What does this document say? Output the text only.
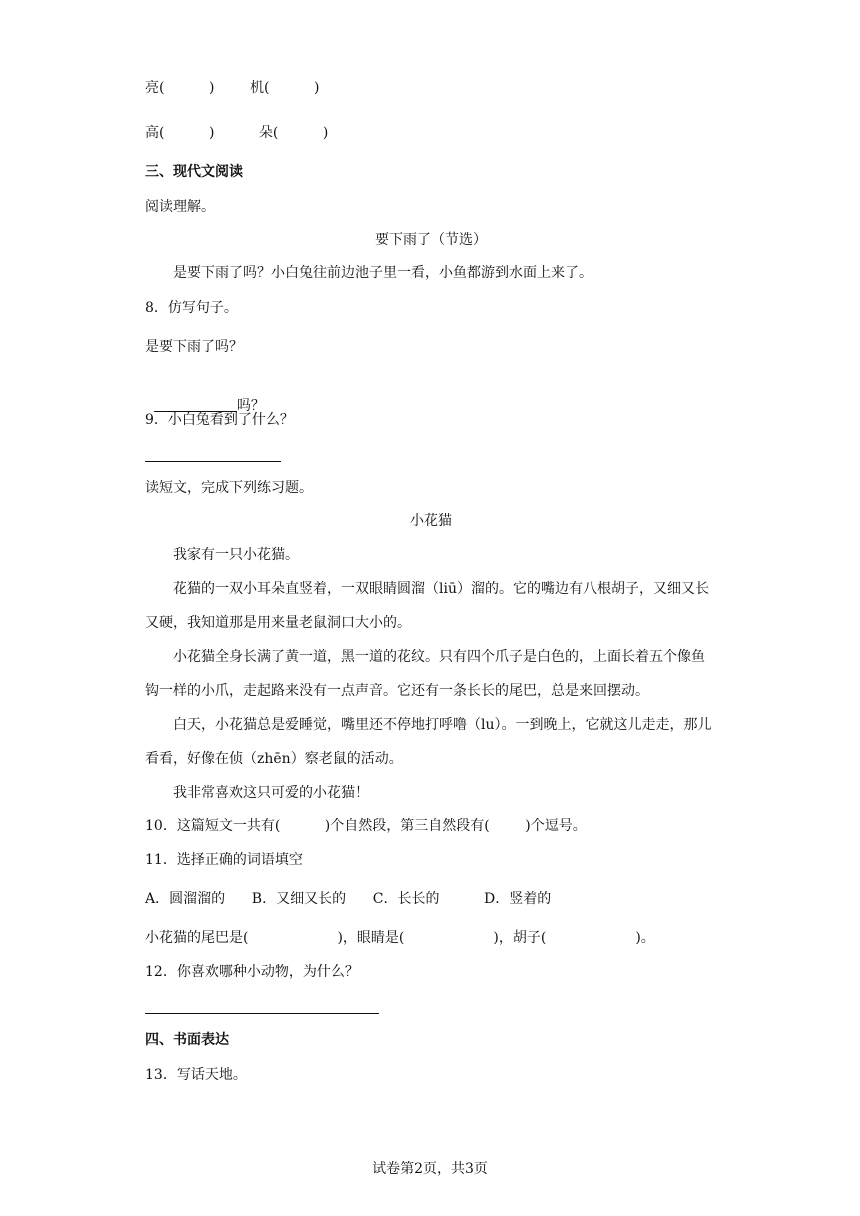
亮(          )        机(          )
高(          )          朵(          )
三、现代文阅读
阅读理解。
要下雨了（节选）
是要下雨了吗？小白兔往前边池子里一看，小鱼都游到水面上来了。
8．仿写句子。
是要下雨了吗？

吗？

9．小白兔看到了什么？
读短文，完成下列练习题。
小花猫
我家有一只小花猫。
花猫的一双小耳朵直竖着，一双眼睛圆溜（liū）溜的。它的嘴边有八根胡子，又细又长又硬，我知道那是用来量老鼠洞口大小的。
小花猫全身长满了黄一道，黑一道的花纹。只有四个爪子是白色的，上面长着五个像鱼钩一样的小爪，走起路来没有一点声音。它还有一条长长的尾巴，总是来回摆动。
白天，小花猫总是爱睡觉，嘴里还不停地打呼噜（lu）。一到晚上，它就这儿走走，那儿看看，好像在侦（zhēn）察老鼠的活动。
我非常喜欢这只可爱的小花猫！
10．这篇短文一共有(          )个自然段，第三自然段有(        )个逗号。
11．选择正确的词语填空
A．圆溜溜的      B．又细又长的      C．长长的          D．竖着的
小花猫的尾巴是(                    )，眼睛是(                    )，胡子(                    )。
12．你喜欢哪种小动物，为什么？
四、书面表达
13．写话天地。
试卷第2页，共3页
